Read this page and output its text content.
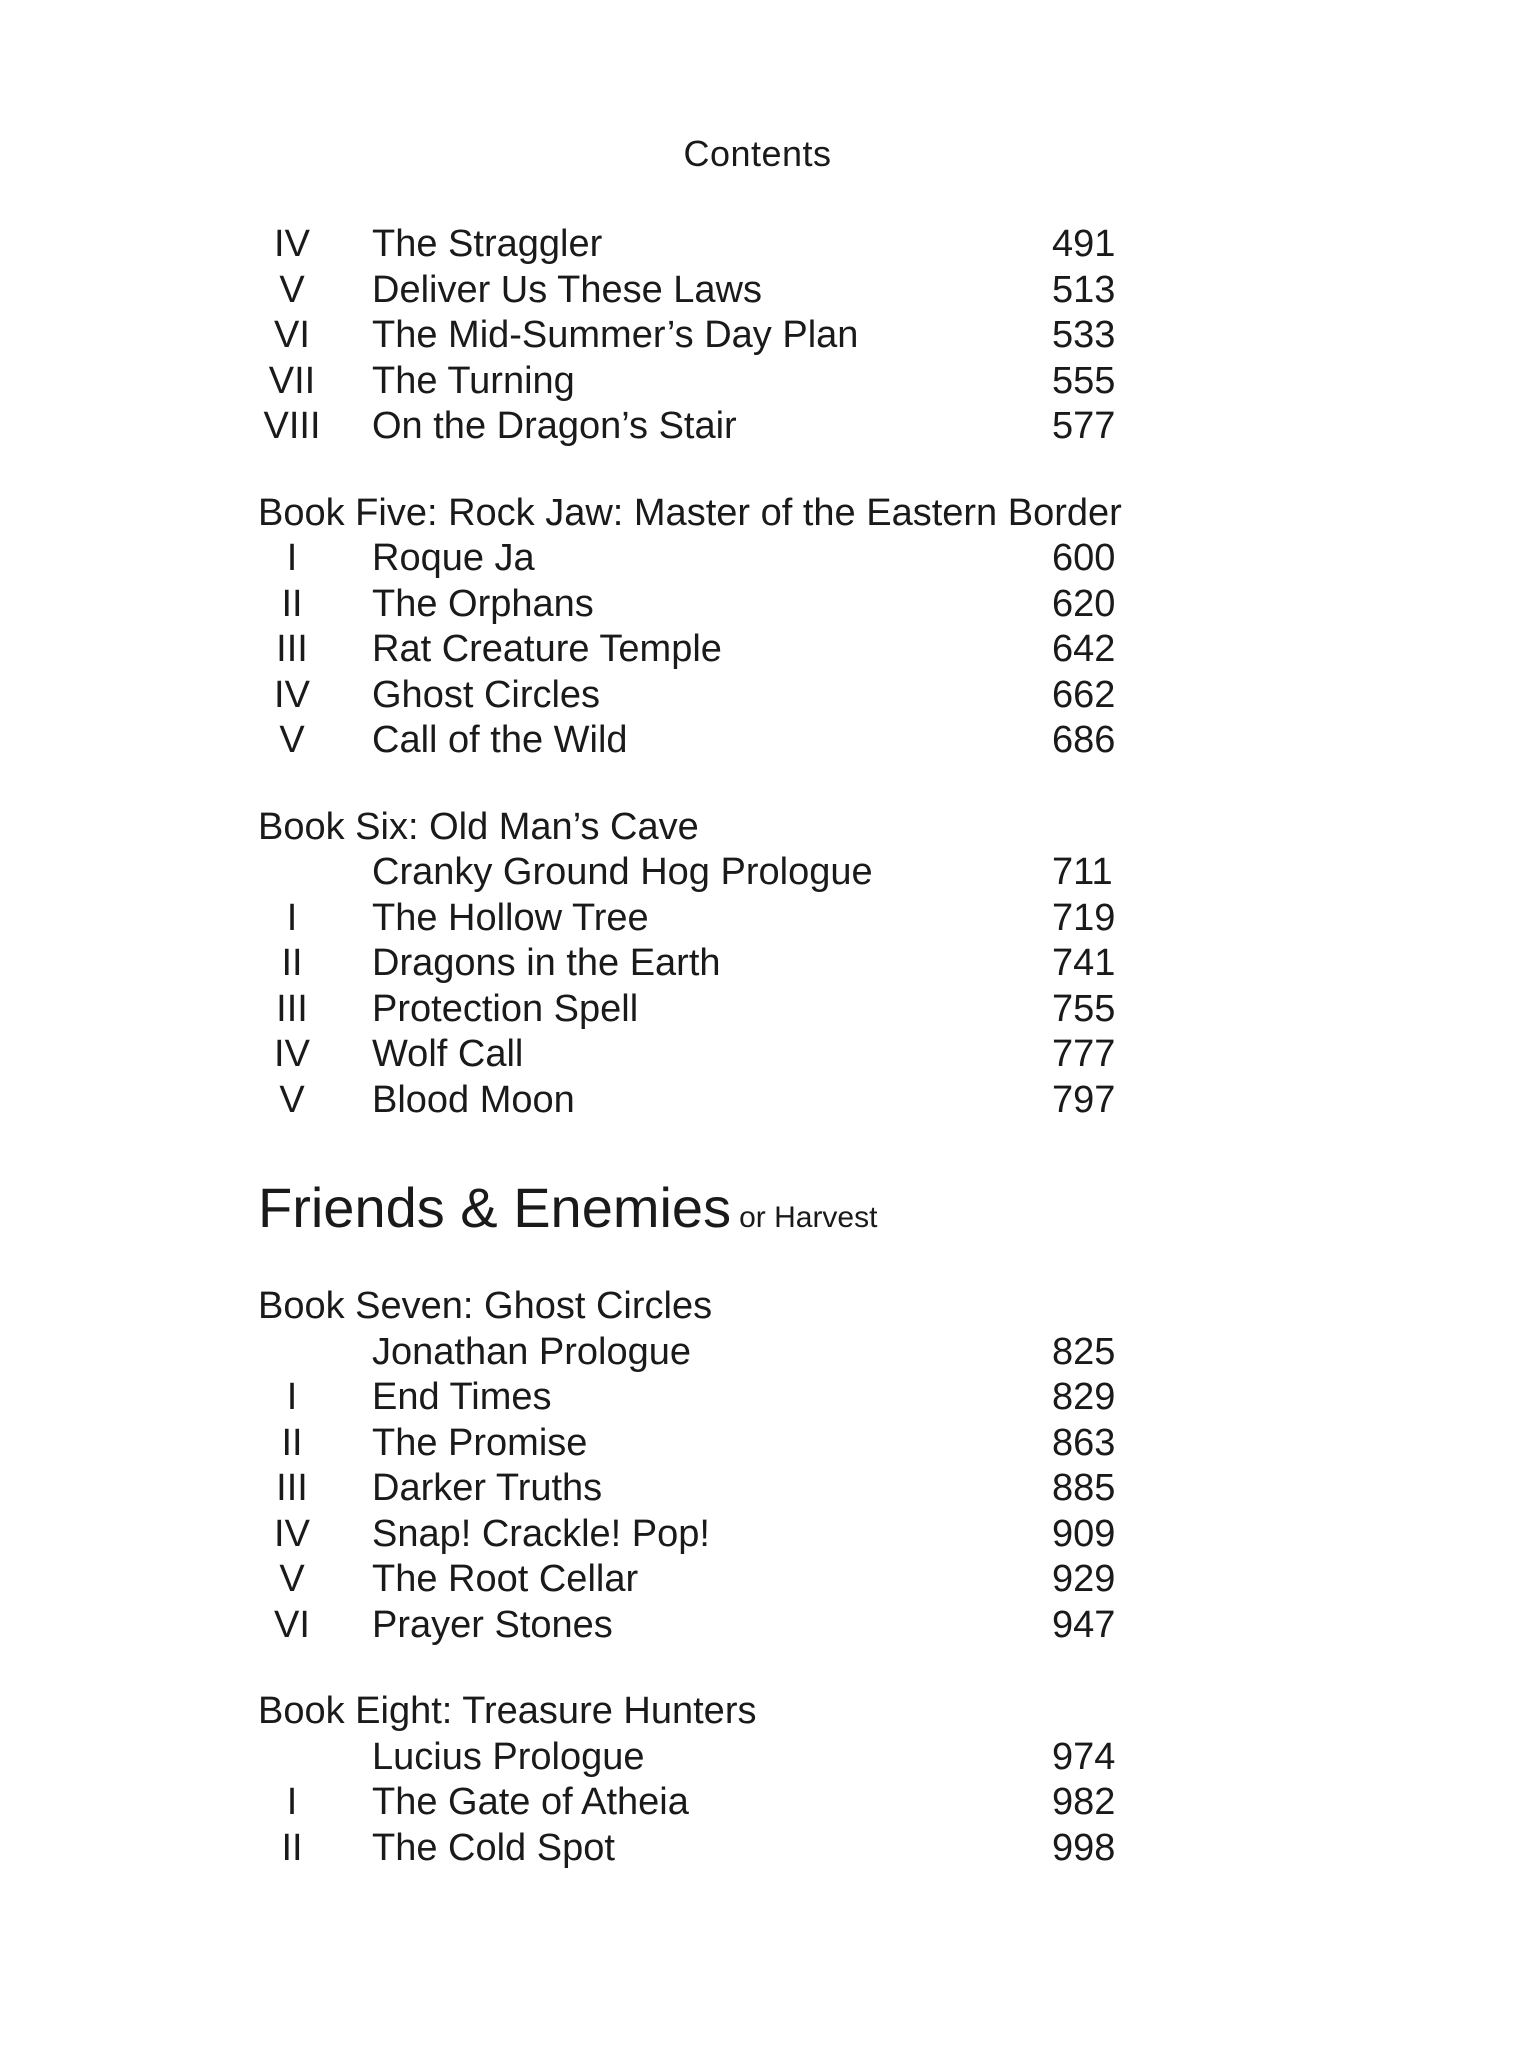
Contents
IV	The Straggler	491
V	Deliver Us These Laws	513
VI	The Mid-Summer’s Day Plan	533
VII The Turning	555
VIII On the Dragon’s Stair	577
Book Five: Rock Jaw: Master of the Eastern Border
I	Roque Ja	600
II	The Orphans	620
III	Rat Creature Temple	642
IV	Ghost Circles	662
V	Call of the Wild	686
Book Six: Old Man’s Cave
Cranky Ground Hog Prologue	711
I	The Hollow Tree	719
II	Dragons in the Earth	741
III	Protection Spell	755
IV	Wolf Call	777
V	Blood Moon	797
Friends & Enemies or Harvest
Book Seven: Ghost Circles
Jonathan Prologue	825
I	End Times	829
II	The Promise	863
III	Darker Truths	885
IV	Snap! Crackle! Pop!	909
V	The Root Cellar	929
VI	Prayer Stones	947
Book Eight: Treasure Hunters
Lucius Prologue	974
I	The Gate of Atheia	982
II	The Cold Spot	998
